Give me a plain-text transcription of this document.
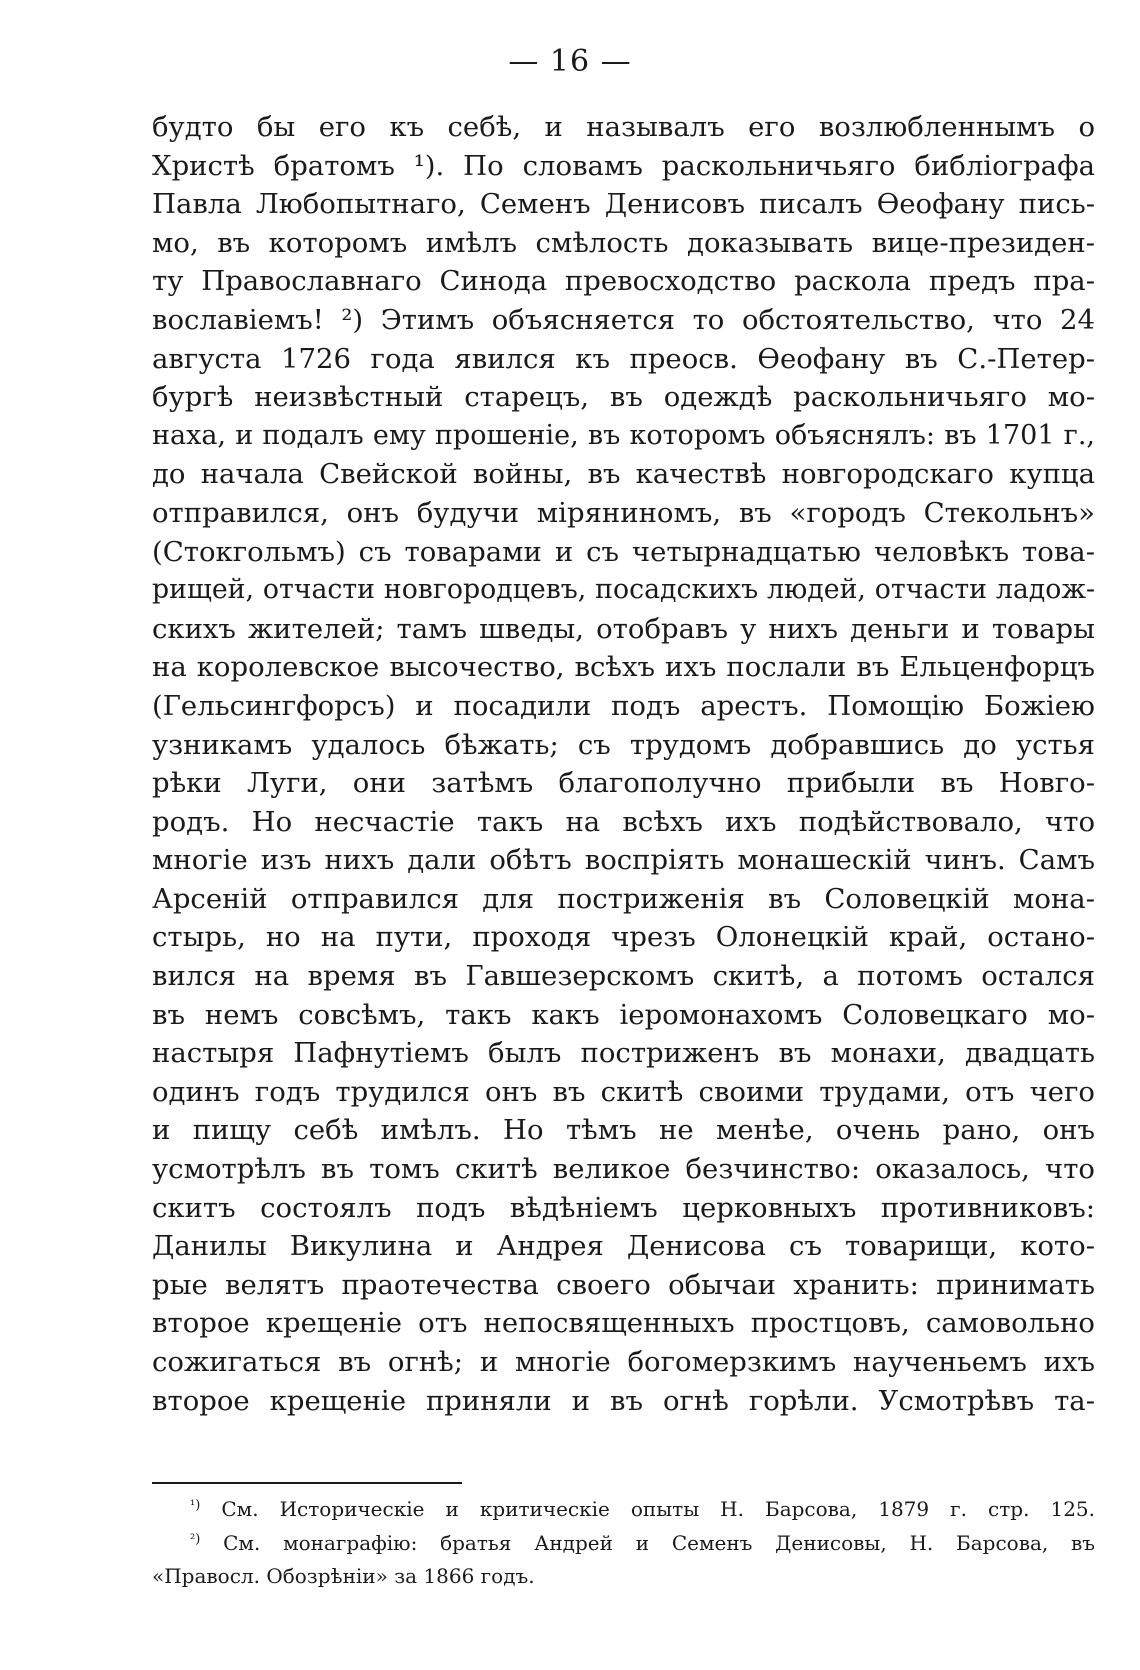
— 16 —
будто бы его къ себѣ, и называлъ его возлюбленнымъ о
Христѣ братомъ ¹). По словамъ раскольничьяго библіографа
Павла Любопытнаго, Семенъ Денисовъ писалъ Ѳеофану пись-
мо, въ которомъ имѣлъ смѣлость доказывать вице-президен-
ту Православнаго Синода превосходство раскола предъ пра-
вославіемъ! ²) Этимъ объясняется то обстоятельство, что 24
августа 1726 года явился къ преосв. Ѳеофану въ С.-Петер-
бургѣ неизвѣстный старецъ, въ одеждѣ раскольничьяго мо-
наха, и подалъ ему прошеніе, въ которомъ объяснялъ: въ 1701 г.,
до начала Свейской войны, въ качествѣ новгородскаго купца
отправился, онъ будучи міряниномъ, въ «городъ Стекольнъ»
(Стокгольмъ) съ товарами и съ четырнадцатью человѣкъ това-
рищей, отчасти новгородцевъ, посадскихъ людей, отчасти ладож-
скихъ жителей; тамъ шведы, отобравъ у нихъ деньги и товары
на королевское высочество, всѣхъ ихъ послали въ Ельценфорцъ
(Гельсингфорсъ) и посадили подъ арестъ. Помощію Божіею
узникамъ удалось бѣжать; съ трудомъ добравшись до устья
рѣки Луги, они затѣмъ благополучно прибыли въ Новго-
родъ. Но несчастіе такъ на всѣхъ ихъ подѣйствовало, что
многіе изъ нихъ дали обѣтъ воспріять монашескій чинъ. Самъ
Арсеній отправился для постриженія въ Соловецкій мона-
стырь, но на пути, проходя чрезъ Олонецкій край, остано-
вился на время въ Гавшезерскомъ скитѣ, а потомъ остался
въ немъ совсѣмъ, такъ какъ іеромонахомъ Соловецкаго мо-
настыря Пафнутіемъ былъ постриженъ въ монахи, двадцать
одинъ годъ трудился онъ въ скитѣ своими трудами, отъ чего
и пищу себѣ имѣлъ. Но тѣмъ не менѣе, очень рано, онъ
усмотрѣлъ въ томъ скитѣ великое безчинство: оказалось, что
скитъ состоялъ подъ вѣдѣніемъ церковныхъ противниковъ:
Данилы Викулина и Андрея Денисова съ товарищи, кото-
рые велятъ праотечества своего обычаи хранить: принимать
второе крещеніе отъ непосвященныхъ простцовъ, самовольно
сожигаться въ огнѣ; и многіе богомерзкимъ наученьемъ ихъ
второе крещеніе приняли и въ огнѣ горѣли. Усмотрѣвъ та-
$^{^1)}$ См. Историческіе и критическіе опыты Н. Барсова, 1879 г. стр. 125.
$^{^2)}$ См. монаграфію: братья Андрей и Семенъ Денисовы, Н. Барсова, въ
«Правосл. Обозрѣніи» за 1866 годъ.
